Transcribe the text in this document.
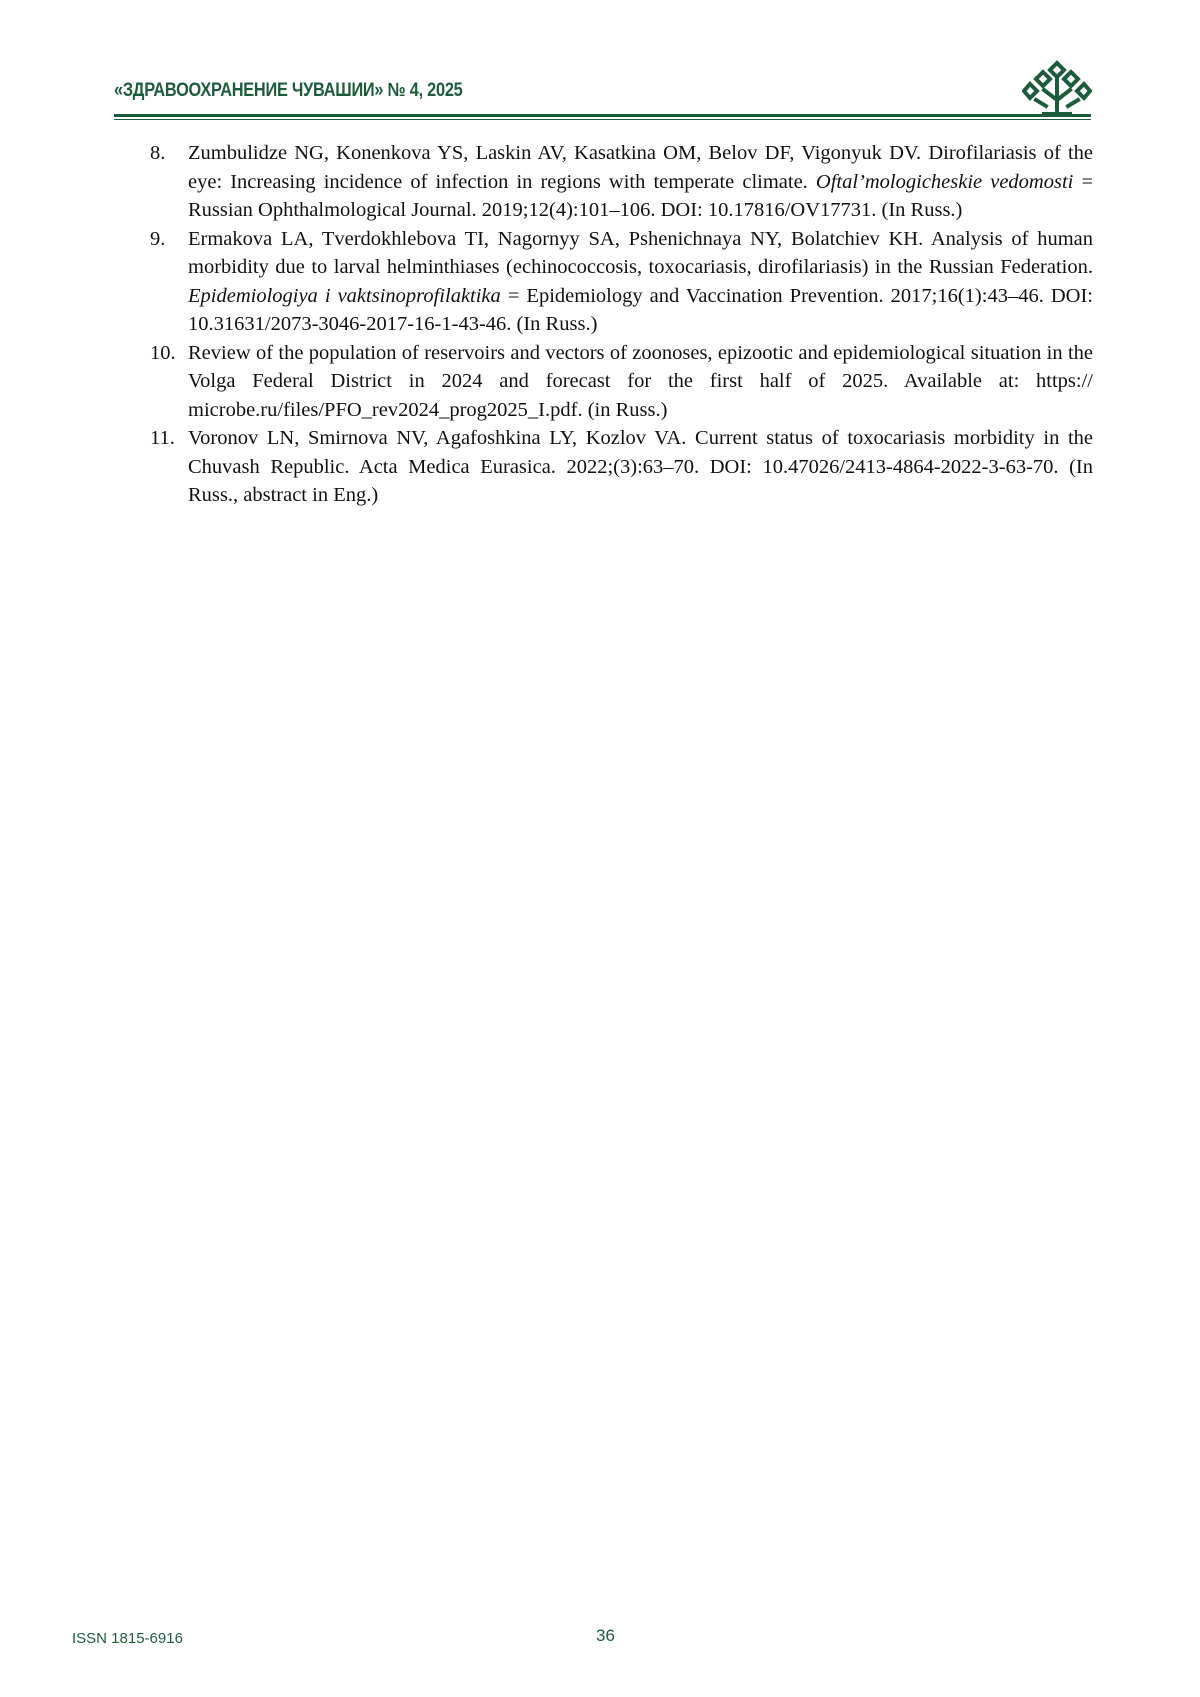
«ЗДРАВООХРАНЕНИЕ ЧУВАШИИ» № 4, 2025
8. Zumbulidze NG, Konenkova YS, Laskin AV, Kasatkina OM, Belov DF, Vigonyuk DV. Dirofilariasis of the eye: Increasing incidence of infection in regions with temperate climate. Oftal’mologicheskie vedomosti = Russian Ophthalmological Journal. 2019;12(4):101–106. DOI: 10.17816/OV17731. (In Russ.)
9. Ermakova LA, Tverdokhlebova TI, Nagornyy SA, Pshenichnaya NY, Bolatchiev KH. Analysis of human morbidity due to larval helminthiases (echinococcosis, toxocariasis, dirofilariasis) in the Russian Federation. Epidemiologiya i vaktsinoprofilaktika = Epidemiology and Vaccination Prevention. 2017;16(1):43–46. DOI: 10.31631/2073-3046-2017-16-1-43-46. (In Russ.)
10. Review of the population of reservoirs and vectors of zoonoses, epizootic and epidemiological situation in the Volga Federal District in 2024 and forecast for the first half of 2025. Available at: https:// microbe.ru/files/PFO_rev2024_prog2025_I.pdf. (in Russ.)
11. Voronov LN, Smirnova NV, Agafoshkina LY, Kozlov VA. Current status of toxocariasis morbidity in the Chuvash Republic. Acta Medica Eurasica. 2022;(3):63–70. DOI: 10.47026/2413-4864-2022-3-63-70. (In Russ., abstract in Eng.)
ISSN 1815-6916	36
